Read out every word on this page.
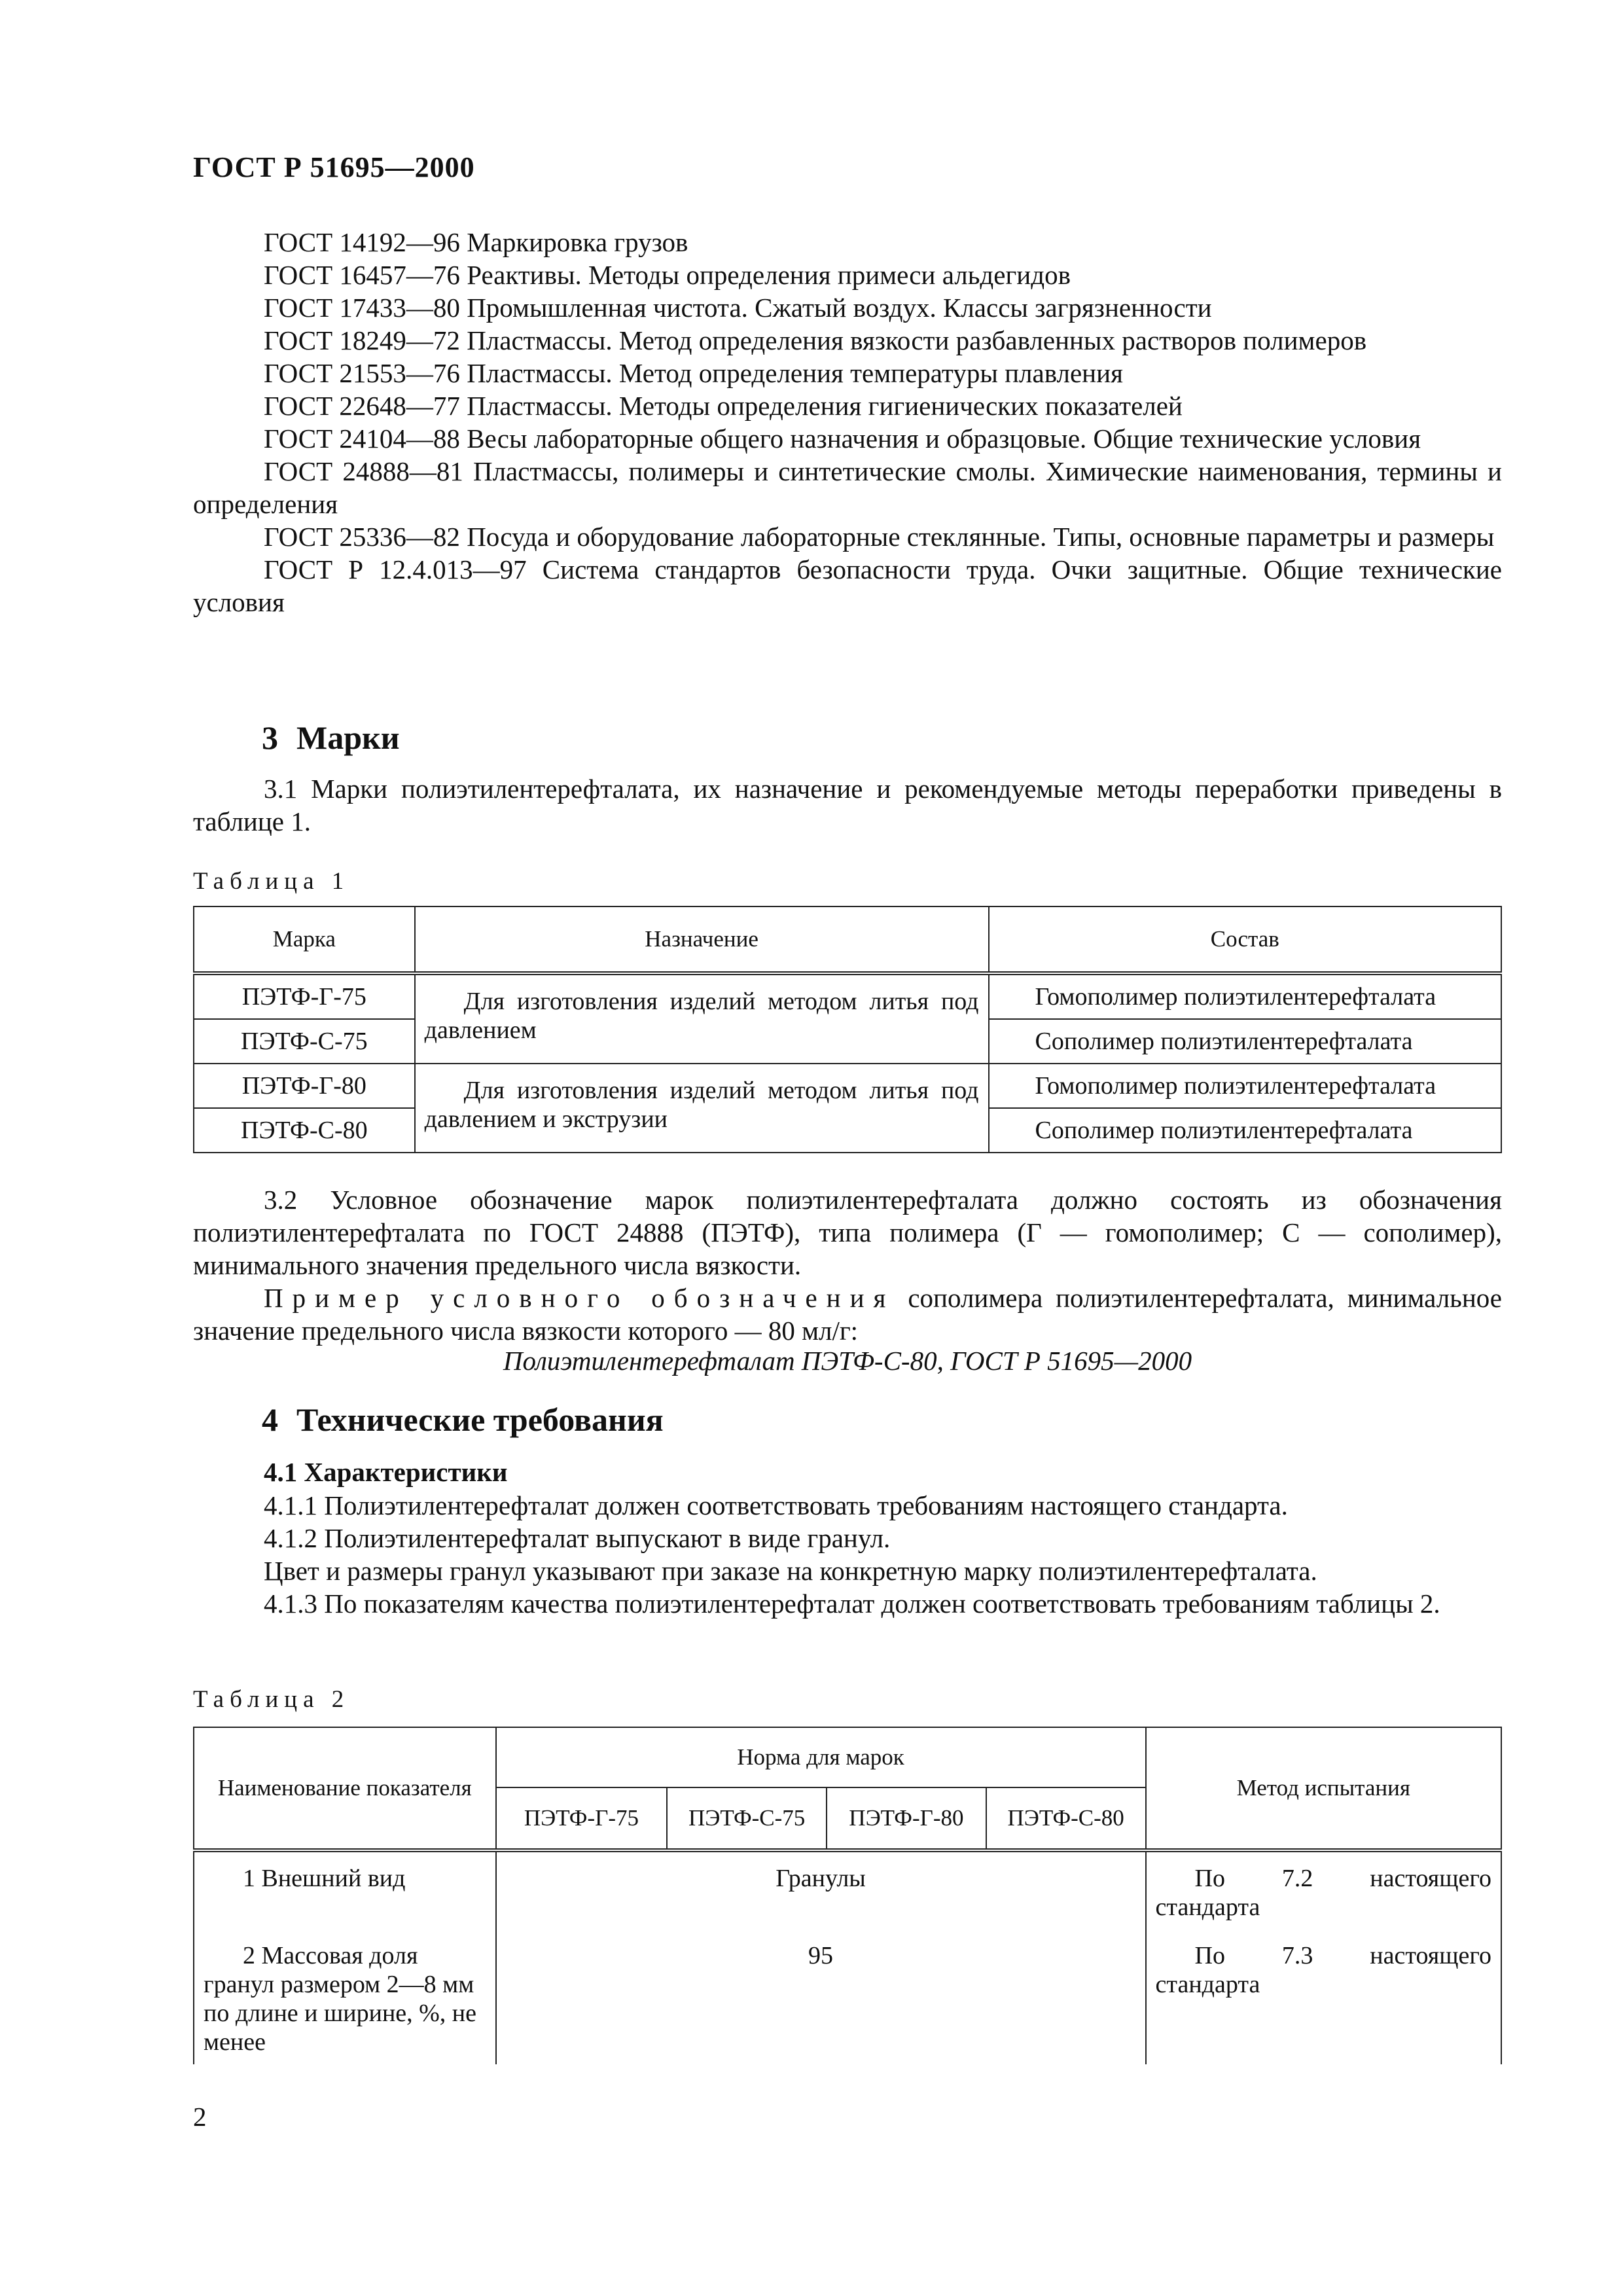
ГОСТ Р 51695—2000
ГОСТ 14192—96 Маркировка грузов
ГОСТ 16457—76 Реактивы. Методы определения примеси альдегидов
ГОСТ 17433—80 Промышленная чистота. Сжатый воздух. Классы загрязненности
ГОСТ 18249—72 Пластмассы. Метод определения вязкости разбавленных растворов полимеров
ГОСТ 21553—76 Пластмассы. Метод определения температуры плавления
ГОСТ 22648—77 Пластмассы. Методы определения гигиенических показателей
ГОСТ 24104—88 Весы лабораторные общего назначения и образцовые. Общие технические условия
ГОСТ 24888—81 Пластмассы, полимеры и синтетические смолы. Химические наименования, термины и определения
ГОСТ 25336—82 Посуда и оборудование лабораторные стеклянные. Типы, основные параметры и размеры
ГОСТ Р 12.4.013—97 Система стандартов безопасности труда. Очки защитные. Общие технические условия
3 Марки
3.1 Марки полиэтилентерефталата, их назначение и рекомендуемые методы переработки приведены в таблице 1.
Таблица 1
Марка	Назначение	Состав
ПЭТФ-Г-75	Для изготовления изделий методом литья под давлением	Гомополимер полиэтилентерефталата
ПЭТФ-С-75		Сополимер полиэтилентерефталата
ПЭТФ-Г-80	Для изготовления изделий методом литья под давлением и экструзии	Гомополимер полиэтилентерефталата
ПЭТФ-С-80		Сополимер полиэтилентерефталата
3.2 Условное обозначение марок полиэтилентерефталата должно состоять из обозначения полиэтилентерефталата по ГОСТ 24888 (ПЭТФ), типа полимера (Г — гомополимер; С — сополимер), минимального значения предельного числа вязкости.
Пример условного обозначения сополимера полиэтилентерефталата, минимальное значение предельного числа вязкости которого — 80 мл/г:
Полиэтилентерефталат ПЭТФ-С-80, ГОСТ Р 51695—2000
4 Технические требования
4.1 Характеристики
4.1.1 Полиэтилентерефталат должен соответствовать требованиям настоящего стандарта.
4.1.2 Полиэтилентерефталат выпускают в виде гранул.
Цвет и размеры гранул указывают при заказе на конкретную марку полиэтилентерефталата.
4.1.3 По показателям качества полиэтилентерефталат должен соответствовать требованиям таблицы 2.
Таблица 2
Наименование показателя	Норма для марок				Метод испытания
	ПЭТФ-Г-75	ПЭТФ-С-75	ПЭТФ-Г-80	ПЭТФ-С-80	
1 Внешний вид	Гранулы				По 7.2 настоящего стандарта
2 Массовая доля гранул размером 2—8 мм по длине и ширине, %, не менее	95				По 7.3 настоящего стандарта
2
